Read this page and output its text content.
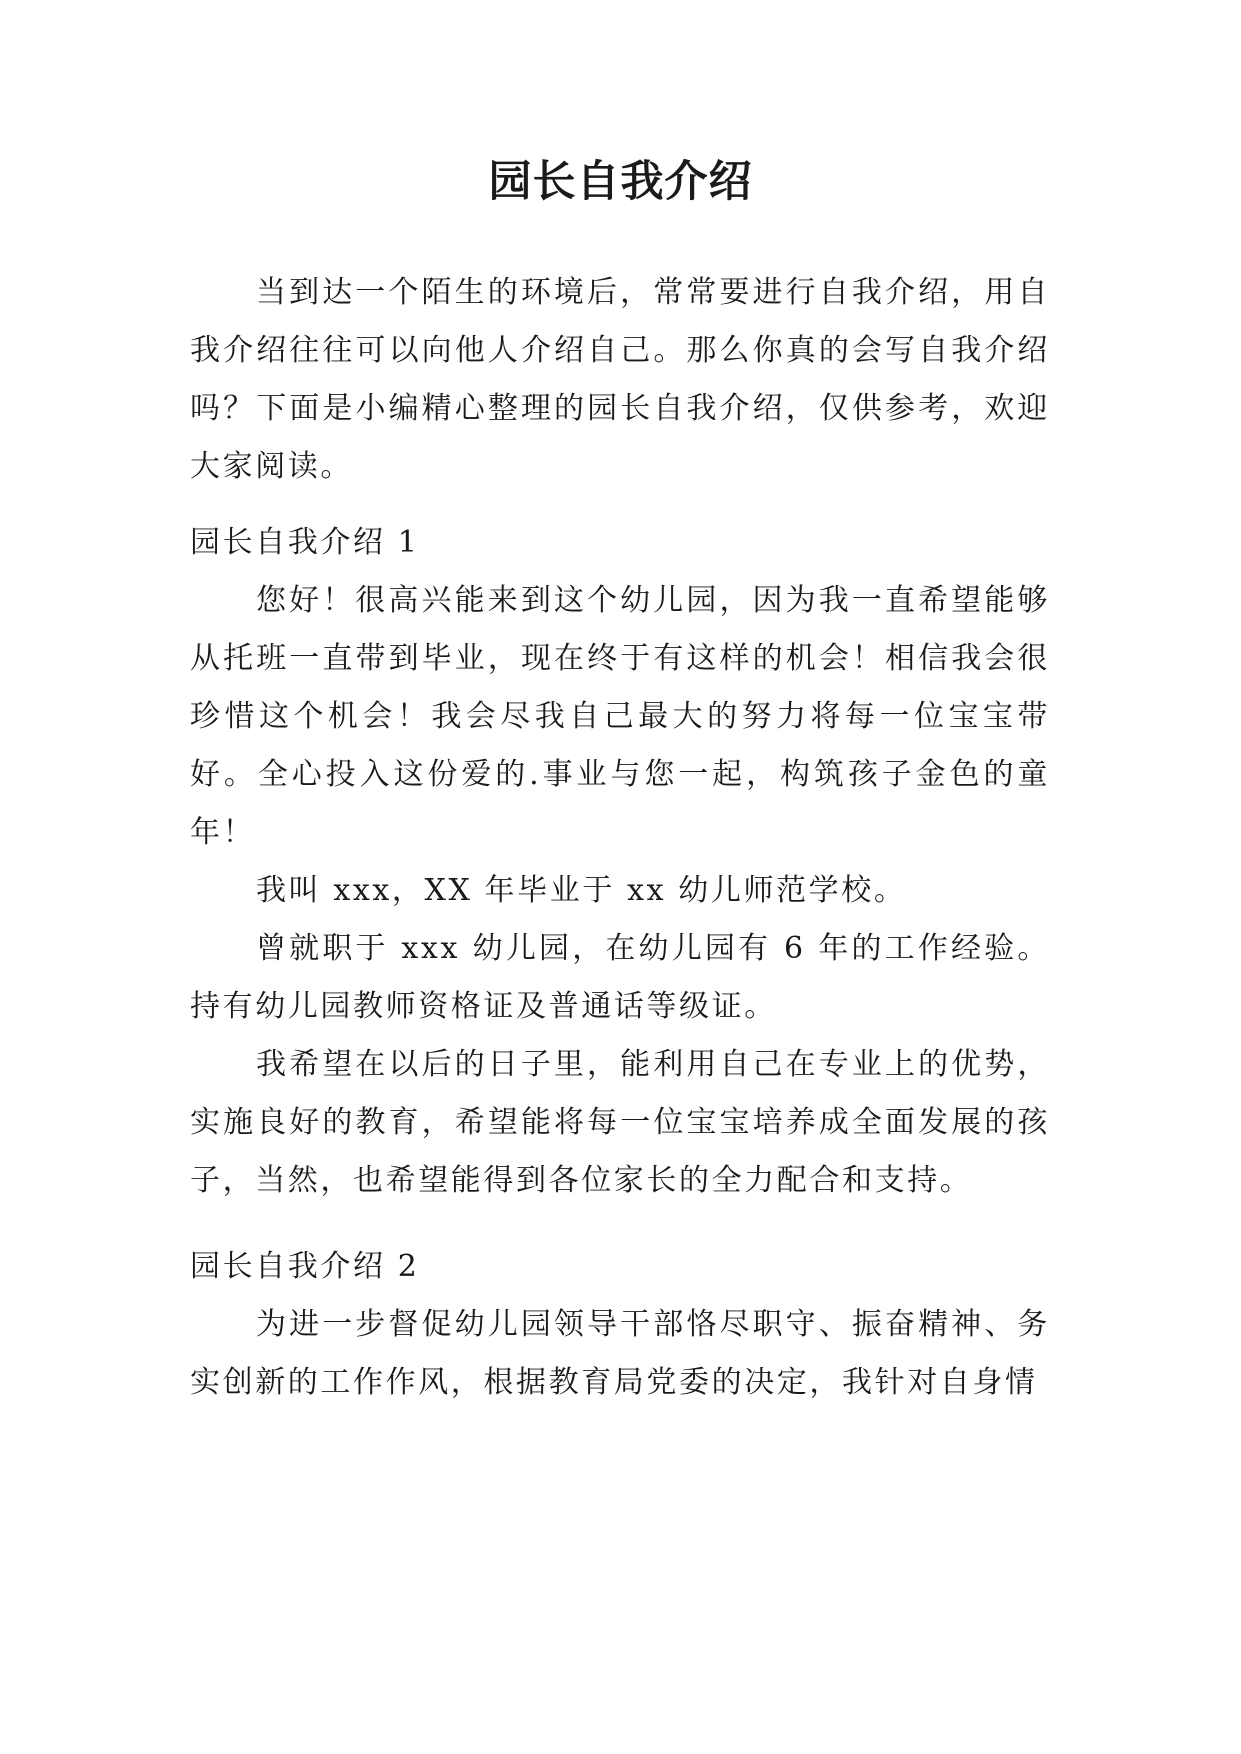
园长自我介绍

当到达一个陌生的环境后，常常要进行自我介绍，用自我介绍往往可以向他人介绍自己。那么你真的会写自我介绍吗？下面是小编精心整理的园长自我介绍，仅供参考，欢迎大家阅读。

园长自我介绍 1

您好！很高兴能来到这个幼儿园，因为我一直希望能够从托班一直带到毕业，现在终于有这样的机会！相信我会很珍惜这个机会！我会尽我自己最大的努力将每一位宝宝带好。全心投入这份爱的.事业与您一起，构筑孩子金色的童年！

我叫 xxx，XX 年毕业于 xx 幼儿师范学校。

曾就职于 xxx 幼儿园，在幼儿园有 6 年的工作经验。持有幼儿园教师资格证及普通话等级证。

我希望在以后的日子里，能利用自己在专业上的优势，实施良好的教育，希望能将每一位宝宝培养成全面发展的孩子，当然，也希望能得到各位家长的全力配合和支持。

园长自我介绍 2

为进一步督促幼儿园领导干部恪尽职守、振奋精神、务实创新的工作作风，根据教育局党委的决定，我针对自身情
